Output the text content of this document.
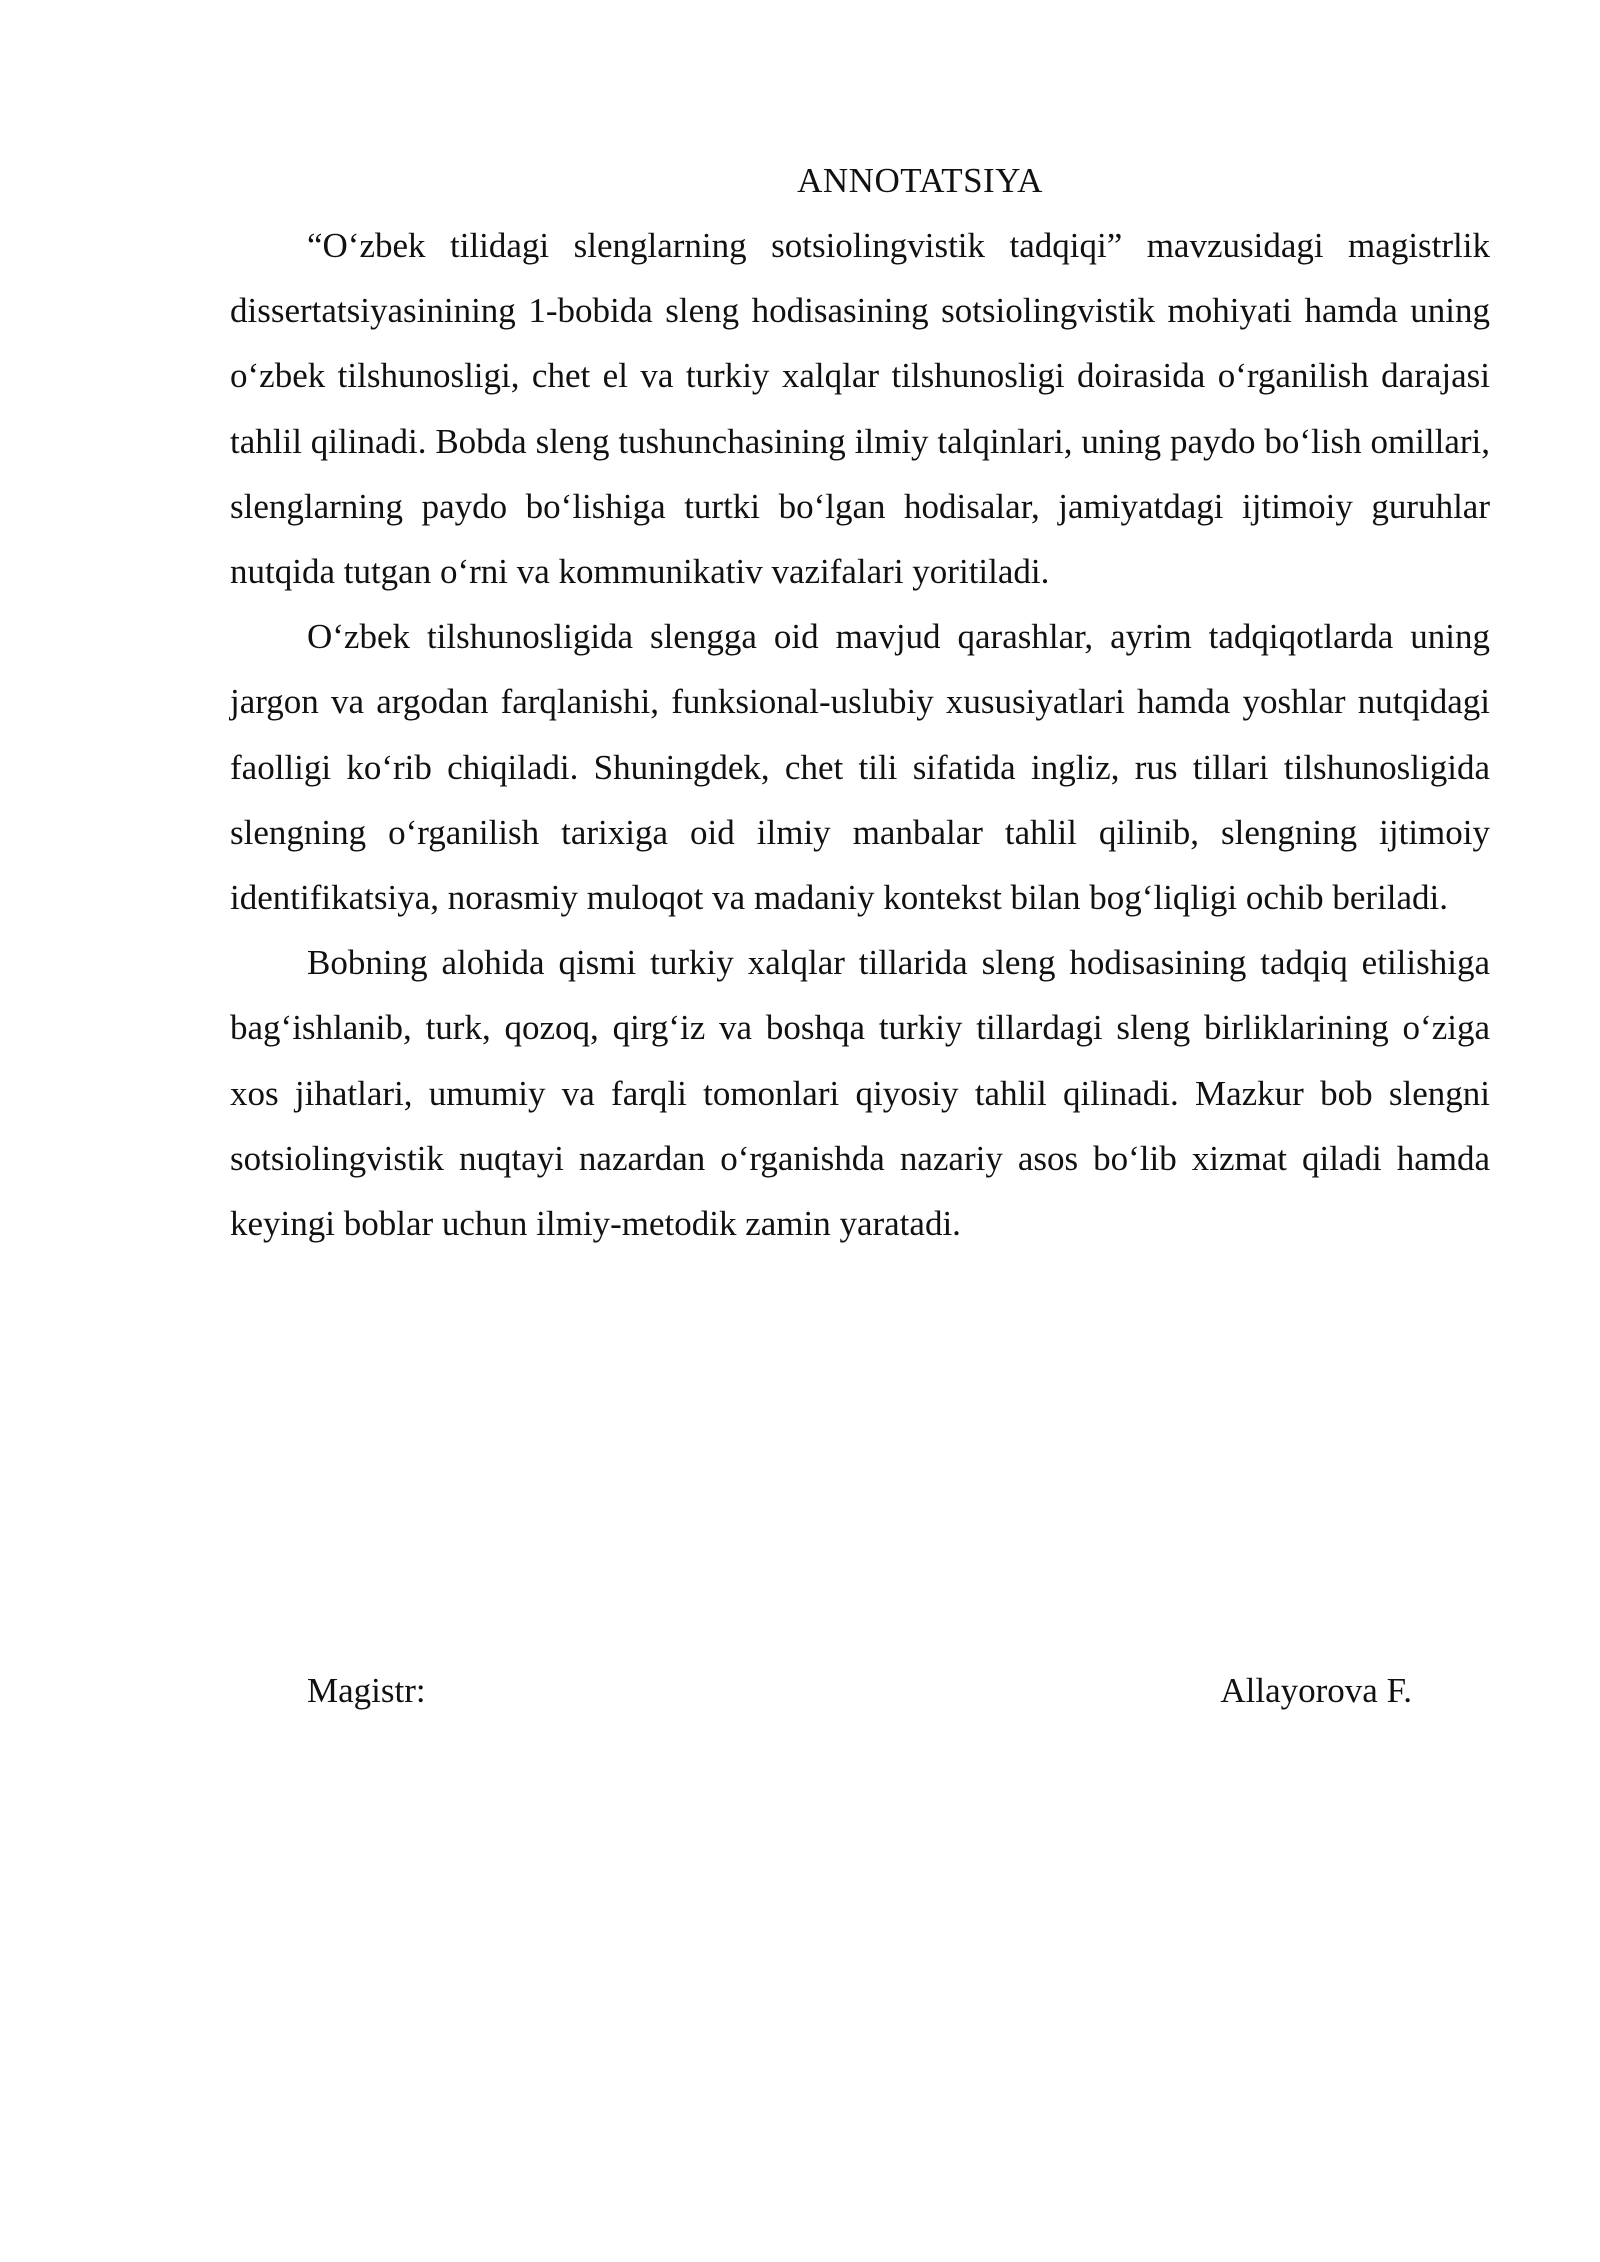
ANNOTATSIYA

“O‘zbek tilidagi slenglarning sotsiolingvistik tadqiqi” mavzusidagi magistrlik dissertatsiyasinining 1-bobida sleng hodisasining sotsiolingvistik mohiyati hamda uning o‘zbek tilshunosligi, chet el va turkiy xalqlar tilshunosligi doirasida o‘rganilish darajasi tahlil qilinadi. Bobda sleng tushunchasining ilmiy talqinlari, uning paydo bo‘lish omillari, slenglarning paydo bo‘lishiga turtki bo‘lgan hodisalar, jamiyatdagi ijtimoiy guruhlar nutqida tutgan o‘rni va kommunikativ vazifalari yoritiladi.

O‘zbek tilshunosligida slengga oid mavjud qarashlar, ayrim tadqiqotlarda uning jargon va argodan farqlanishi, funksional-uslubiy xususiyatlari hamda yoshlar nutqidagi faolligi ko‘rib chiqiladi. Shuningdek, chet tili sifatida ingliz, rus tillari tilshunosligida slengning o‘rganilish tarixiga oid ilmiy manbalar tahlil qilinib, slengning ijtimoiy identifikatsiya, norasmiy muloqot va madaniy kontekst bilan bog‘liqligi ochib beriladi.

Bobning alohida qismi turkiy xalqlar tillarida sleng hodisasining tadqiq etilishiga bag‘ishlanib, turk, qozoq, qirg‘iz va boshqa turkiy tillardagi sleng birliklarining o‘ziga xos jihatlari, umumiy va farqli tomonlari qiyosiy tahlil qilinadi. Mazkur bob slengni sotsiolingvistik nuqtayi nazardan o‘rganishda nazariy asos bo‘lib xizmat qiladi hamda keyingi boblar uchun ilmiy-metodik zamin yaratadi.

Magistr:	Allayorova F.
